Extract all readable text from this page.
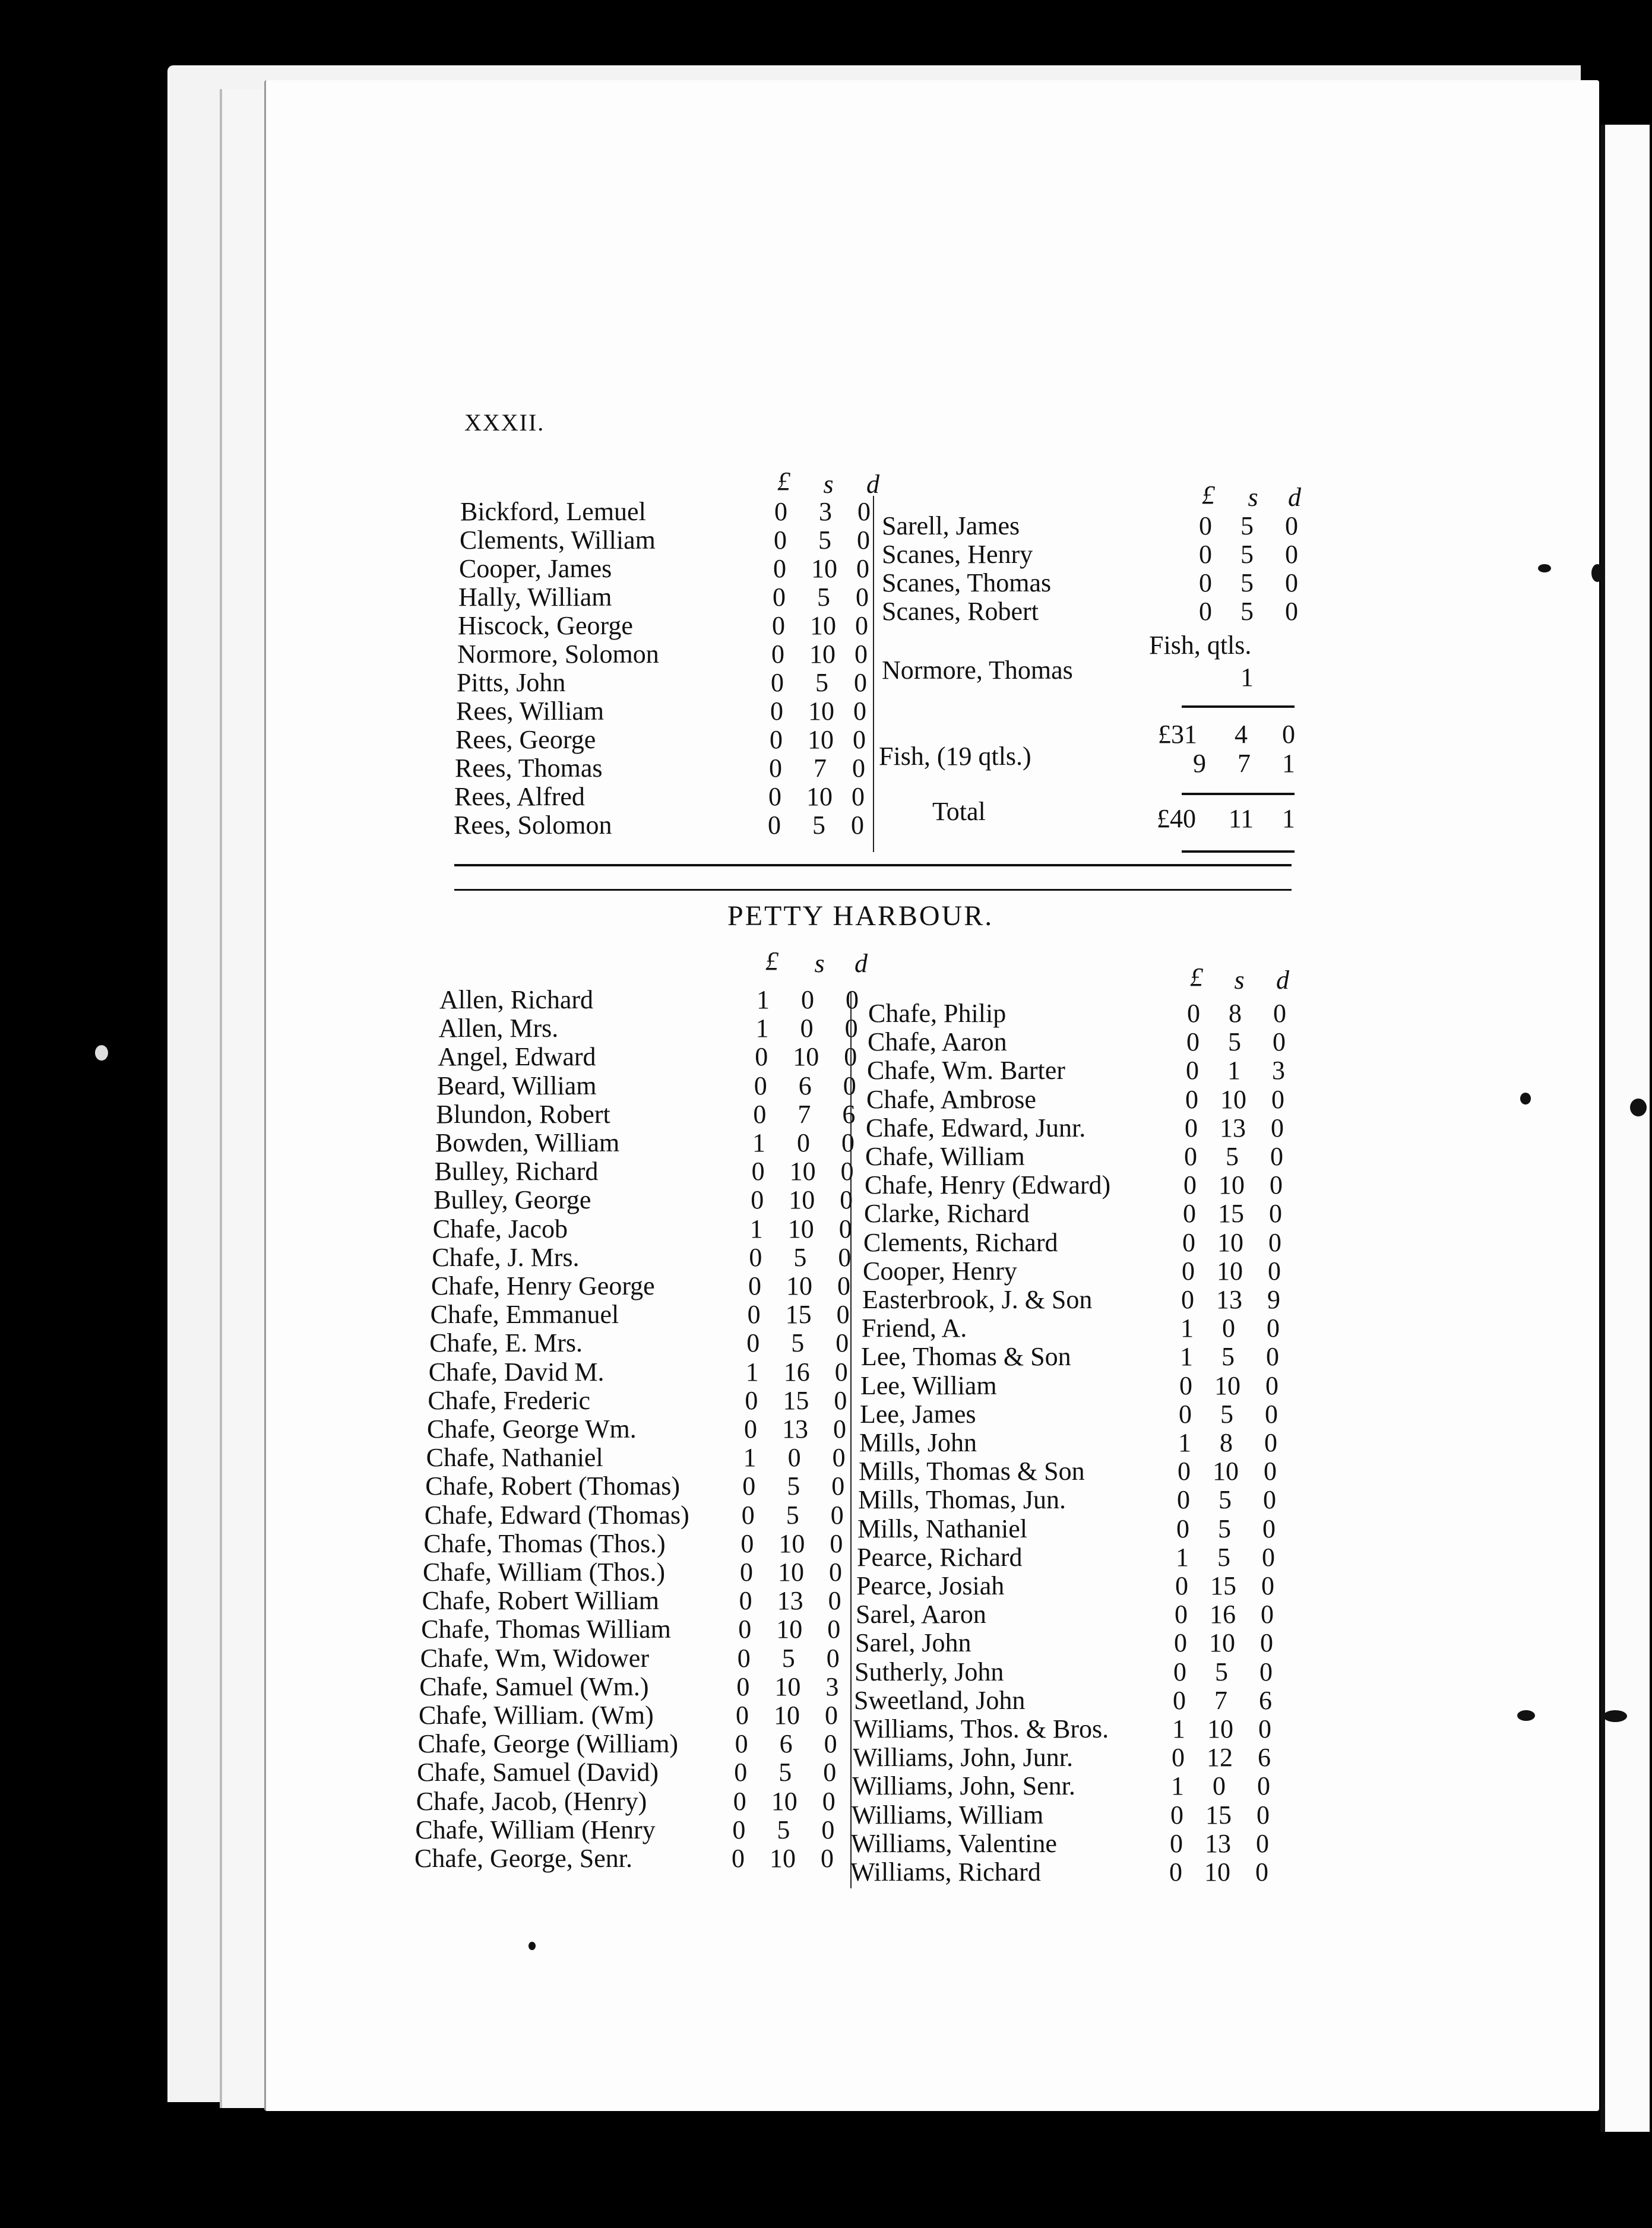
XXXII.
£	s	d	£	s	d
Bickford, Lemuel	0	3 0
Clements, William	0	5 0
Cooper, James	0 10 0
Hally, William	0	5 0
Hiscock, George	0 10 0
Normore, Solomon	0 10 0
Pitts, John	0	5 0
Rees, William	0 10 0
Rees, George	0 10 0
Rees, Thomas	0	7 0
Rees, Alfred	0 10 0
Rees, Solomon	0	5 0
Sarell, James	0	5	0
Scanes, Henry	0	5	0
Scanes, Thomas	0	5	0
Scanes, Robert	0	5	0
Fish, qtls.
Normore, Thomas	1
£31	4	0
Fish, (19 qtls.)	9	7	1
Total	£40	11	1
PETTY HARBOUR.
£	s	d	£	s	d
Allen, Richard	1	0	0
Allen, Mrs.	1	0	0
Angel, Edward	0 10 0
Beard, William	0	6	0
Blundon, Robert	0	7	6
Bowden, William	1	0	0
Bulley, Richard	0 10 0
Bulley, George	0 10 0
Chafe, Jacob	1 10 0
Chafe, J. Mrs.	0	5	0
Chafe, Henry George	0 10 0
Chafe, Emmanuel	0 15 0
Chafe, E. Mrs.	0	5	0
Chafe, David M.	1 16 0
Chafe, Frederic	0 15 0
Chafe, George Wm.	0 13 0
Chafe, Nathaniel	1	0	0
Chafe, Robert (Thomas)	0	5	0
Chafe, Edward (Thomas)	0	5	0
Chafe, Thomas (Thos.)	0 10 0
Chafe, William (Thos.)	0 10 0
Chafe, Robert William	0 13 0
Chafe, Thomas William	0 10 0
Chafe, Wm, Widower	0	5	0
Chafe, Samuel (Wm.)	0 10 3
Chafe, William. (Wm)	0 10 0
Chafe, George (William)	0	6	0
Chafe, Samuel (David)	0	5	0
Chafe, Jacob, (Henry)	0 10 0
Chafe, William (Henry	0	5	0
Chafe, George, Senr.	0 10 0
Chafe, Philip	0	8	0
Chafe, Aaron	0	5	0
Chafe, Wm. Barter	0	1	3
Chafe, Ambrose	0 10 0
Chafe, Edward, Junr.	0 13 0
Chafe, William	0	5	0
Chafe, Henry (Edward)	0 10 0
Clarke, Richard	0 15 0
Clements, Richard	0 10 0
Cooper, Henry	0 10 0
Easterbrook, J. & Son	0 13 9
Friend, A.	1	0	0
Lee, Thomas & Son	1	5	0
Lee, William	0 10 0
Lee, James	0	5	0
Mills, John	1	8	0
Mills, Thomas & Son	0 10 0
Mills, Thomas, Jun.	0	5	0
Mills, Nathaniel	0	5	0
Pearce, Richard	1	5	0
Pearce, Josiah	0 15 0
Sarel, Aaron	0 16 0
Sarel, John	0 10 0
Sutherly, John	0	5	0
Sweetland, John	0	7	6
Williams, Thos. & Bros.	1 10 0
Williams, John, Junr.	0 12 6
Williams, John, Senr.	1	0	0
Williams, William	0 15 0
Williams, Valentine	0 13 0
Williams, Richard	0 10 0
